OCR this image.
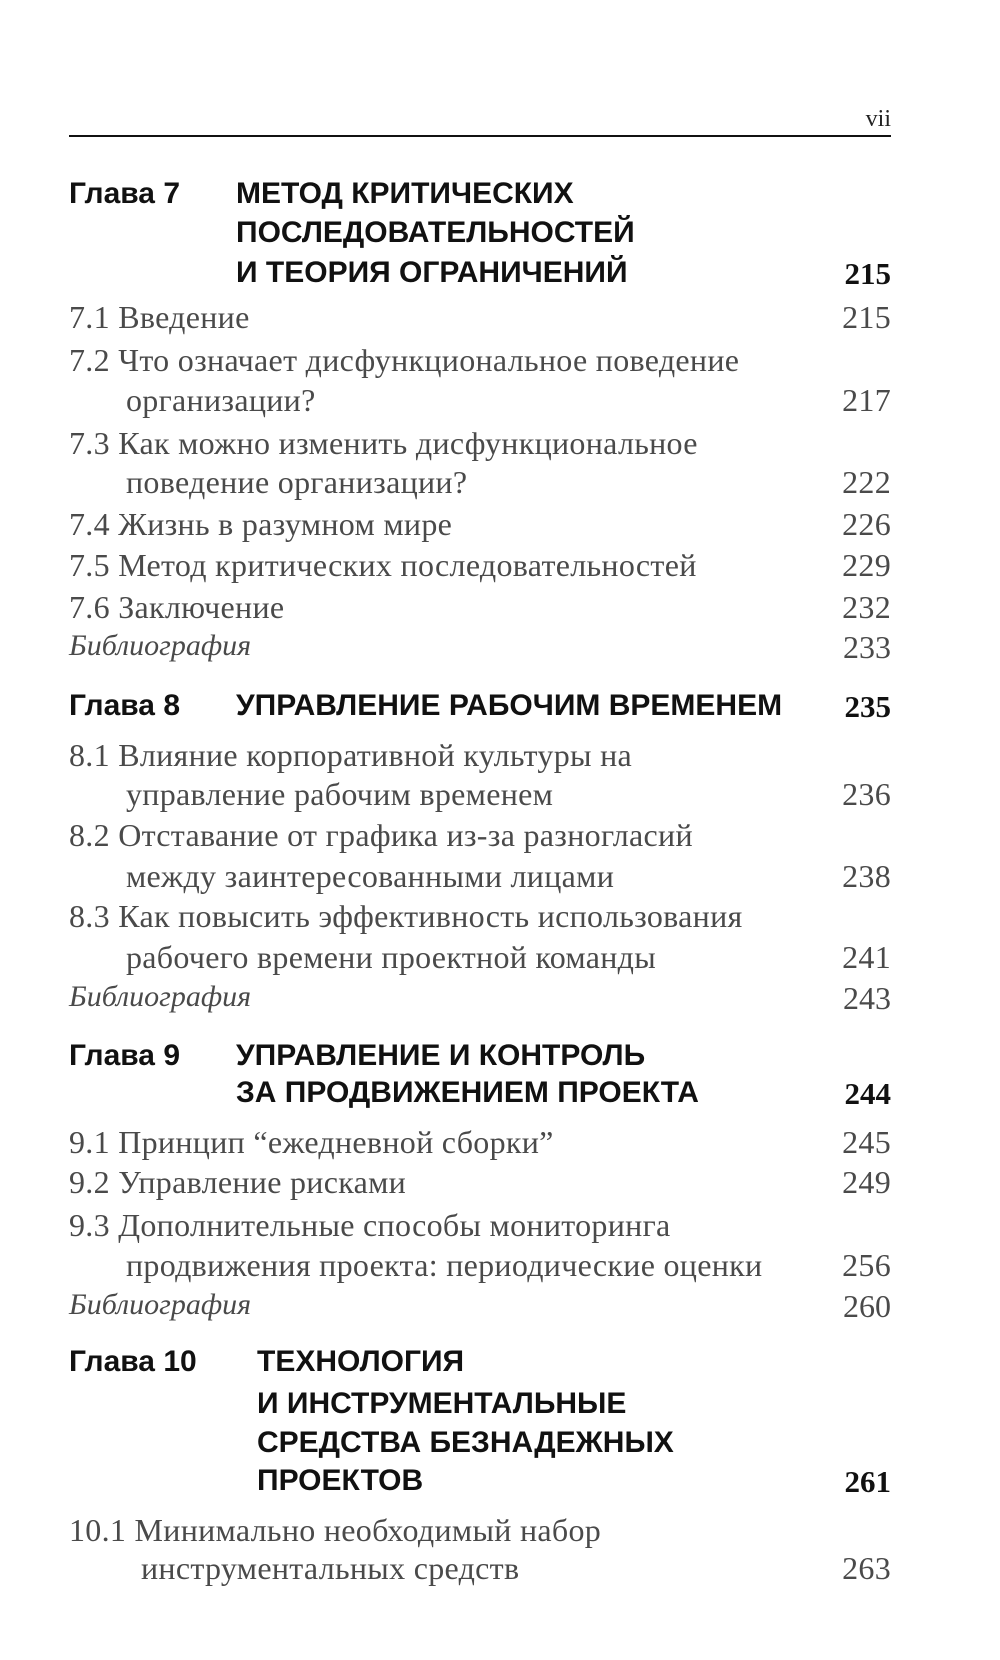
vii
Глава 7 МЕТОД КРИТИЧЕСКИХ
ПОСЛЕДОВАТЕЛЬНОСТЕЙ
И ТЕОРИЯ ОГРАНИЧЕНИЙ	215
7.1 Введение	215
7.2 Что означает дисфункциональное поведение
организации?	217
7.3 Как можно изменить дисфункциональное
поведение организации?	222
7.4 Жизнь в разумном мире	226
7.5 Метод критических последовательностей	229
7.6 Заключение	232
Библиография	233
Глава 8 УПРАВЛЕНИЕ РАБОЧИМ ВРЕМЕНЕМ 235
8.1 Влияние корпоративной культуры на
управление рабочим временем	236
8.2 Отставание от графика из-за разногласий
между заинтересованными лицами	238
8.3 Как повысить эффективность использования
рабочего времени проектной команды	241
Библиография	243
Глава 9 УПРАВЛЕНИЕ И КОНТРОЛЬ
ЗА ПРОДВИЖЕНИЕМ ПРОЕКТА	244
9.1 Принцип “ежедневной сборки”	245
9.2 Управление рисками	249
9.3 Дополнительные способы мониторинга
продвижения проекта: периодические оценки 256
Библиография	260
Глава 10 ТЕХНОЛОГИЯ
И ИНСТРУМЕНТАЛЬНЫЕ
СРЕДСТВА БЕЗНАДЕЖНЫХ
ПРОЕКТОВ	261
10.1 Минимально необходимый набор
инструментальных средств	263
